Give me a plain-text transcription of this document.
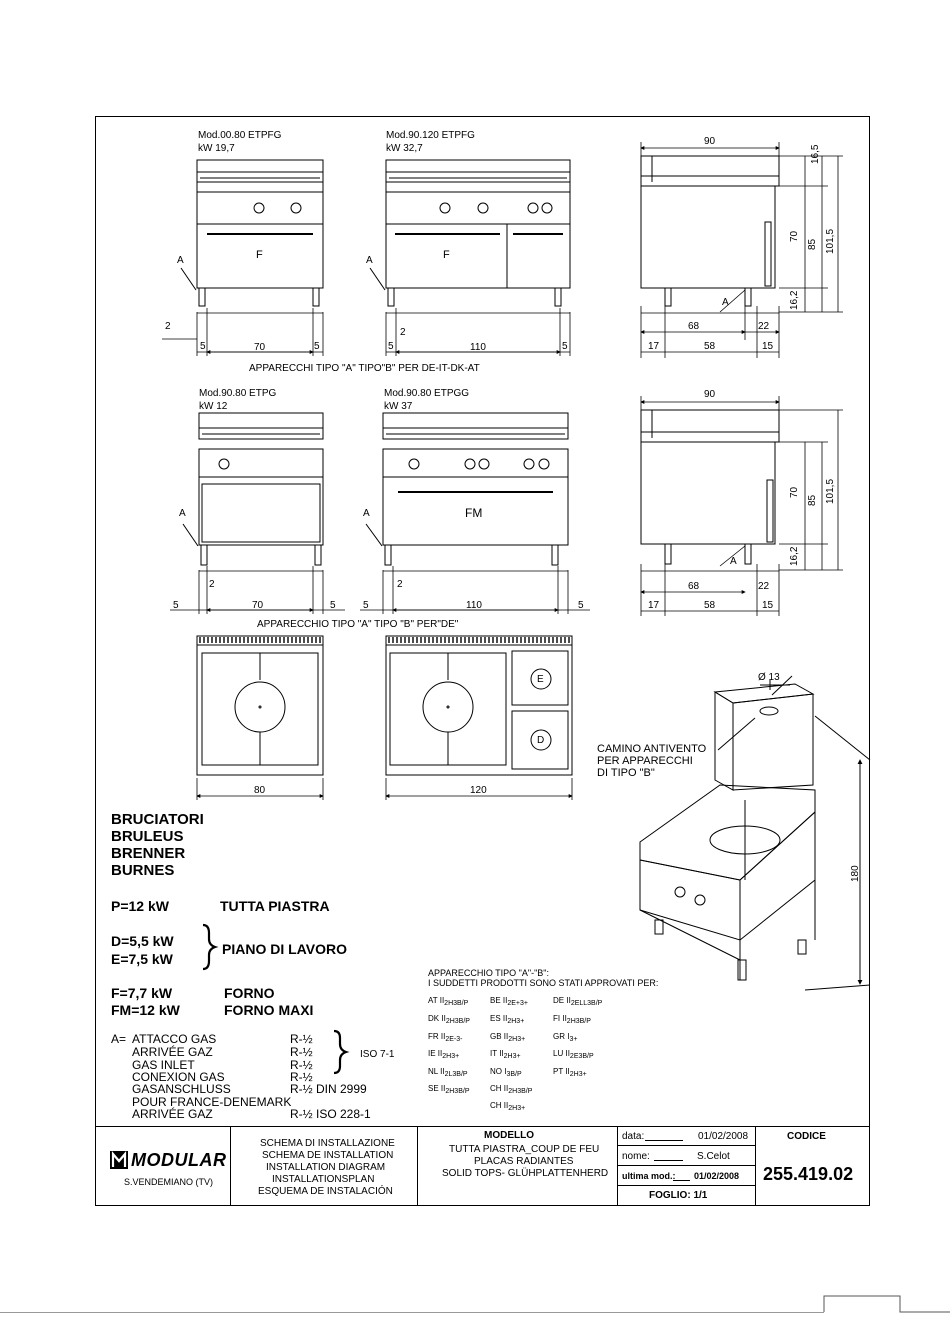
Mod.00.80 ETPFG
kW 19,7
Mod.90.120 ETPFG
kW 32,7
F	F
A	A
2
5	70	5
2
5	110	5
APPARECCHI TIPO "A" TIPO"B" PER DE-IT-DK-AT
90
68	22
17	58	15
A
16,5
70
85 101,5
16,2
Mod.90.80 ETPG
kW 12
Mod.90.80 ETPGG
kW 37
FM
A	A
2	2
5	70	5	5	110	5
APPARECCHIO TIPO "A" TIPO "B" PER"DE"
90
68	22
17	58	15
A
70
85 101,5
16,2
E
D
80	120
Ø 13
CAMINO ANTIVENTO
PER APPARECCHI
DI TIPO "B"
180
BRUCIATORI
BRULEUS
BRENNER
BURNES
P=12 kW	TUTTA PIASTRA
D=5,5 kW
E=7,5 kW
PIANO DI LAVORO
F=7,7 kW	FORNO
FM=12 kW	FORNO MAXI
A= ATTACCO GAS	R-½
ARRIVÉE GAZ	R-½
GAS INLET	R-½
CONEXION GAS	R-½
GASANSCHLUSS	R-½ DIN 2999
POUR FRANCE-DENEMARK
ARRIVÉE GAZ	R-½ ISO 228-1
ISO 7-1
APPARECCHIO TIPO "A"-"B":
I SUDDETTI PRODOTTI SONO STATI APPROVATI PER:
AT II2H3B/P	BE II2E+3+	DE II2ELL3B/P
DK II2H3B/P	ES II2H3+	FI II2H3B/P
FR II2E-3-	GB II2H3+	GR I3+
IE II2H3+	IT II2H3+	LU II2E3B/P
NL II2L3B/P	NO I3B/P	PT II2H3+
SE II2H3B/P	CH II2H3B/P
CH II2H3+
MODULAR
S.VENDEMIANO (TV)
SCHEMA DI INSTALLAZIONE
SCHEMA DE INSTALLATION
INSTALLATION DIAGRAM
INSTALLATIONSPLAN
ESQUEMA DE INSTALACIÓN
MODELLO
TUTTA PIASTRA_COUP DE FEU
PLACAS RADIANTES
SOLID TOPS- GLÜHPLATTENHERD
data:	01/02/2008
nome:	S.Celot
ultima mod.: 01/02/2008
FOGLIO: 1/1
CODICE
255.419.02
